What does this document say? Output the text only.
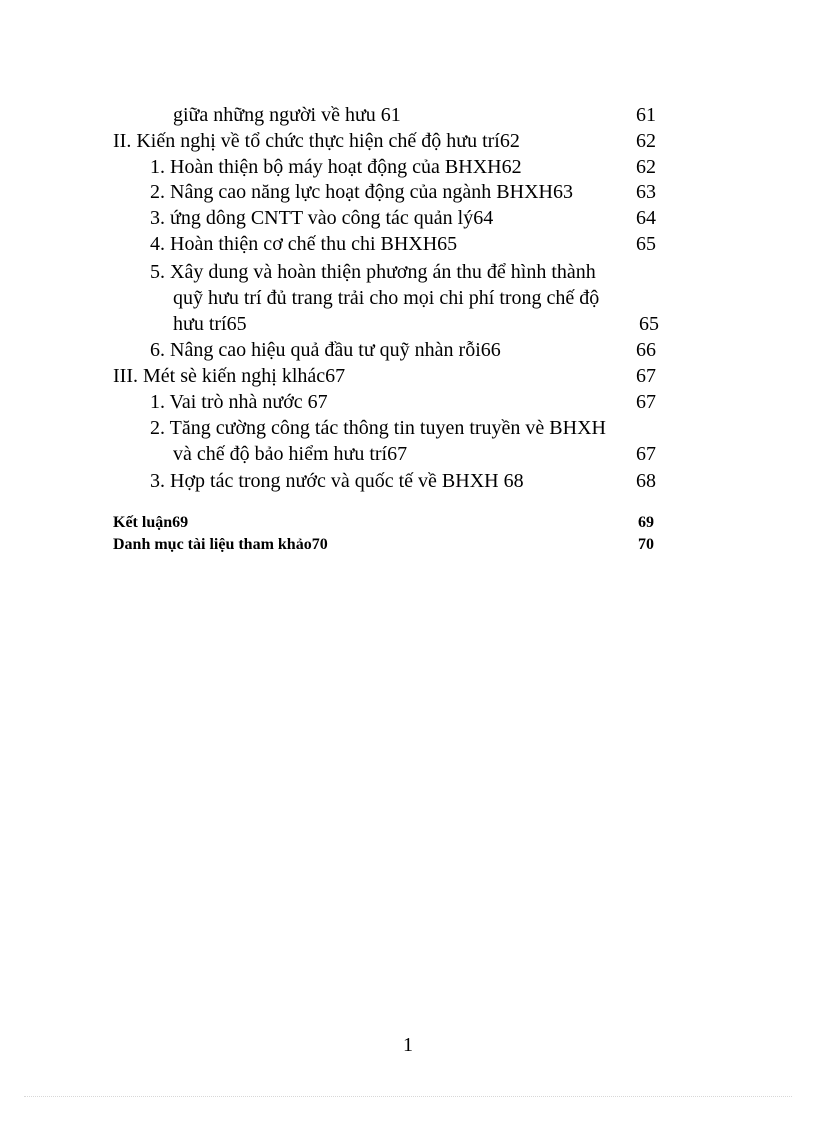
giữa những người về hưu 61	61
II. Kiến nghị về tổ chức thực hiện chế độ hưu trí62	62
1. Hoàn thiện bộ máy hoạt động của BHXH62	62
2. Nâng cao năng lực hoạt động của ngành BHXH63	63
3. ứng dông CNTT vào công tác quản lý64	64
4. Hoàn thiện cơ chế thu chi BHXH65	65
5. Xây dung và hoàn thiện phương án thu để hình thành
quỹ hưu trí đủ trang trải cho mọi chi phí trong chế độ
hưu trí65	65
6. Nâng cao hiệu quả đầu tư quỹ nhàn rỗi66	66
III. Mét sè kiến nghị klhác67	67
1. Vai trò nhà nước 67	67
2. Tăng cường công tác thông tin tuyen truyền vè BHXH
và chế độ bảo hiểm hưu trí67	67
3. Hợp tác trong nước và quốc tế về BHXH 68	68
Kết luận69	69
Danh mục tài liệu tham khảo70	70
1
